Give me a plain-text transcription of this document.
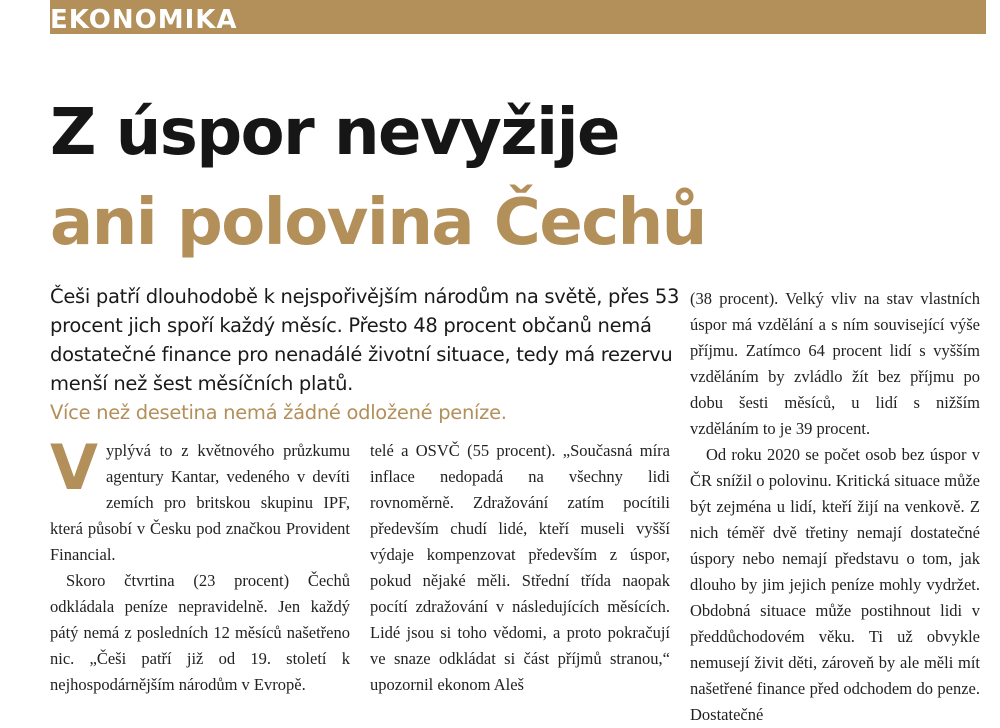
EKONOMIKA
Z úspor nevyžije
ani polovina Čechů
Češi patří dlouhodobě k nejspořivějším národům na světě, přes 53 procent jich spoří každý měsíc. Přesto 48 procent občanů nemá dostatečné finance pro nenadálé životní situace, tedy má rezervu menší než šest měsíčních platů.
Více než desetina nemá žádné odložené peníze.

Vyplývá to z květnového průzkumu agentury Kantar, vedeného v devíti zemích pro britskou skupinu IPF, která působí v Česku pod značkou Provident Financial.

Skoro čtvrtina (23 procent) Čechů odkládala peníze nepravidelně. Jen každý pátý nemá z posledních 12 měsíců našetřeno nic. „Češi patří již od 19. století k nejhospodárnějším národům v Evropě.

telé a OSVČ (55 procent). „Současná míra inflace nedopadá na všechny lidi rovnoměrně. Zdražování zatím pocítili především chudí lidé, kteří museli vyšší výdaje kompenzovat především z úspor, pokud nějaké měli. Střední třída naopak pocítí zdražování v následujících měsících. Lidé jsou si toho vědomi, a proto pokračují ve snaze odkládat si část příjmů stranou,“ upozornil ekonom Aleš

(38 procent). Velký vliv na stav vlastních úspor má vzdělání a s ním související výše příjmu. Zatímco 64 procent lidí s vyšším vzděláním by zvládlo žít bez příjmu po dobu šesti měsíců, u lidí s nižším vzděláním to je 39 procent.

Od roku 2020 se počet osob bez úspor v ČR snížil o polovinu. Kritická situace může být zejména u lidí, kteří žijí na venkově. Z nich téměř dvě třetiny nemají dostatečné úspory nebo nemají představu o tom, jak dlouho by jim jejich peníze mohly vydržet. Obdobná situace může postihnout lidi v předdůchodovém věku. Ti už obvykle nemusejí živit děti, zároveň by ale měli mít našetřené finance před odchodem do penze. Dostatečné
